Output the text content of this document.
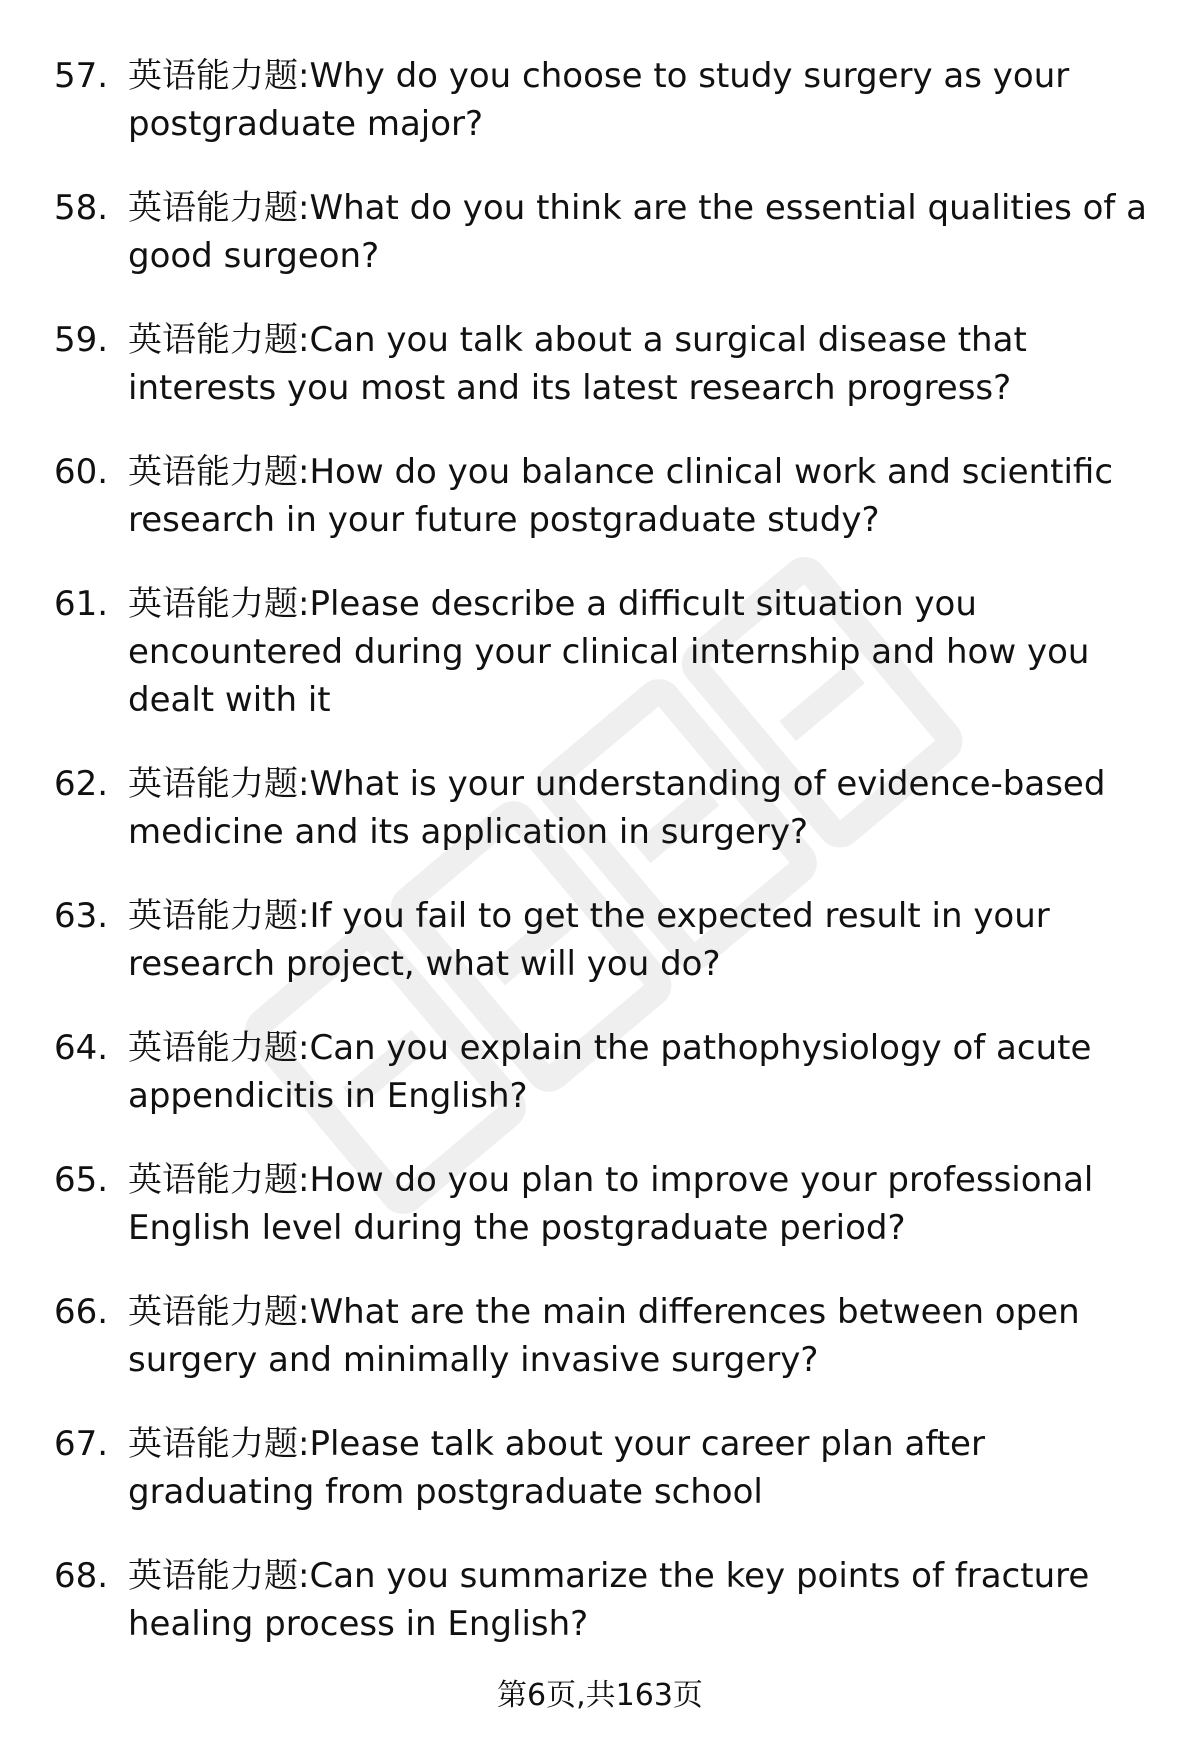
57. 英语能力题:Why do you choose to study surgery as your postgraduate major?
58. 英语能力题:What do you think are the essential qualities of a good surgeon?
59. 英语能力题:Can you talk about a surgical disease that interests you most and its latest research progress?
60. 英语能力题:How do you balance clinical work and scientific research in your future postgraduate study?
61. 英语能力题:Please describe a difficult situation you encountered during your clinical internship and how you dealt with it
62. 英语能力题:What is your understanding of evidence-based medicine and its application in surgery?
63. 英语能力题:If you fail to get the expected result in your research project, what will you do?
64. 英语能力题:Can you explain the pathophysiology of acute appendicitis in English?
65. 英语能力题:How do you plan to improve your professional English level during the postgraduate period?
66. 英语能力题:What are the main differences between open surgery and minimally invasive surgery?
67. 英语能力题:Please talk about your career plan after graduating from postgraduate school
68. 英语能力题:Can you summarize the key points of fracture healing process in English?
第6页,共163页
